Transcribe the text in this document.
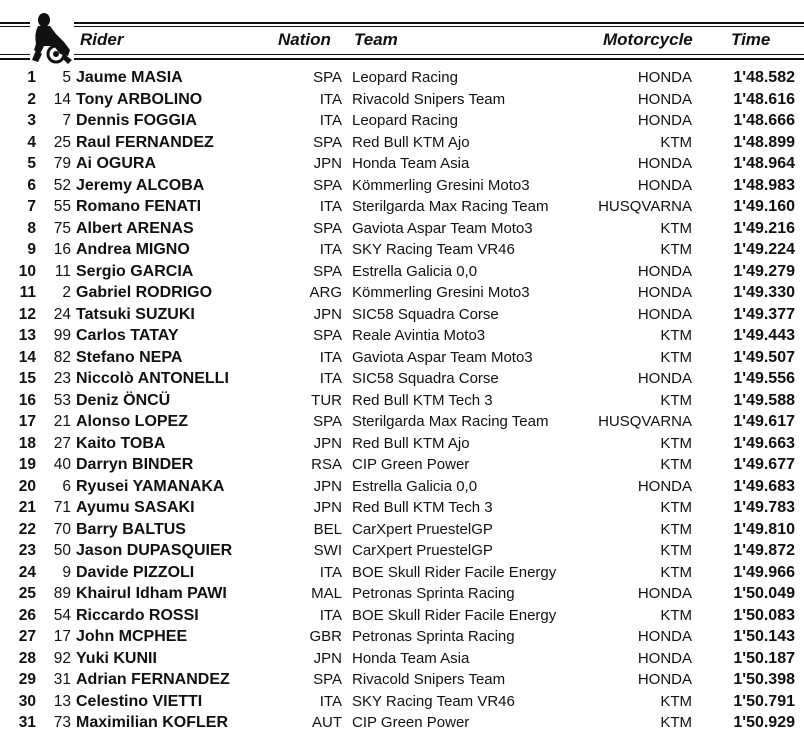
Rider	Nation Team	Motorcycle Time
1	5 Jaume MASIA	SPA Leopard Racing	HONDA	1'48.582
2	14 Tony ARBOLINO	ITA Rivacold Snipers Team	HONDA	1'48.616
3	7 Dennis FOGGIA	ITA Leopard Racing	HONDA	1'48.666
4	25 Raul FERNANDEZ	SPA Red Bull KTM Ajo	KTM	1'48.899
5	79 Ai OGURA	JPN Honda Team Asia	HONDA	1'48.964
6	52 Jeremy ALCOBA	SPA Kömmerling Gresini Moto3	HONDA	1'48.983
7	55 Romano FENATI	ITA Sterilgarda Max Racing Team	HUSQVARNA	1'49.160
8	75 Albert ARENAS	SPA Gaviota Aspar Team Moto3	KTM	1'49.216
9	16 Andrea MIGNO	ITA SKY Racing Team VR46	KTM	1'49.224
10	11 Sergio GARCIA	SPA Estrella Galicia 0,0	HONDA	1'49.279
11	2 Gabriel RODRIGO	ARG Kömmerling Gresini Moto3	HONDA	1'49.330
12	24 Tatsuki SUZUKI	JPN SIC58 Squadra Corse	HONDA	1'49.377
13	99 Carlos TATAY	SPA Reale Avintia Moto3	KTM	1'49.443
14	82 Stefano NEPA	ITA Gaviota Aspar Team Moto3	KTM	1'49.507
15	23 Niccolò ANTONELLI	ITA SIC58 Squadra Corse	HONDA	1'49.556
16	53 Deniz ÖNCÜ	TUR Red Bull KTM Tech 3	KTM	1'49.588
17	21 Alonso LOPEZ	SPA Sterilgarda Max Racing Team	HUSQVARNA	1'49.617
18	27 Kaito TOBA	JPN Red Bull KTM Ajo	KTM	1'49.663
19	40 Darryn BINDER	RSA CIP Green Power	KTM	1'49.677
20	6 Ryusei YAMANAKA	JPN Estrella Galicia 0,0	HONDA	1'49.683
21	71 Ayumu SASAKI	JPN Red Bull KTM Tech 3	KTM	1'49.783
22	70 Barry BALTUS	BEL CarXpert PruestelGP	KTM	1'49.810
23	50 Jason DUPASQUIER	SWI CarXpert PruestelGP	KTM	1'49.872
24	9 Davide PIZZOLI	ITA BOE Skull Rider Facile Energy	KTM	1'49.966
25	89 Khairul Idham PAWI	MAL Petronas Sprinta Racing	HONDA	1'50.049
26	54 Riccardo ROSSI	ITA BOE Skull Rider Facile Energy	KTM	1'50.083
27	17 John MCPHEE	GBR Petronas Sprinta Racing	HONDA	1'50.143
28	92 Yuki KUNII	JPN Honda Team Asia	HONDA	1'50.187
29	31 Adrian FERNANDEZ	SPA Rivacold Snipers Team	HONDA	1'50.398
30	13 Celestino VIETTI	ITA SKY Racing Team VR46	KTM	1'50.791
31	73 Maximilian KOFLER	AUT CIP Green Power	KTM	1'50.929
